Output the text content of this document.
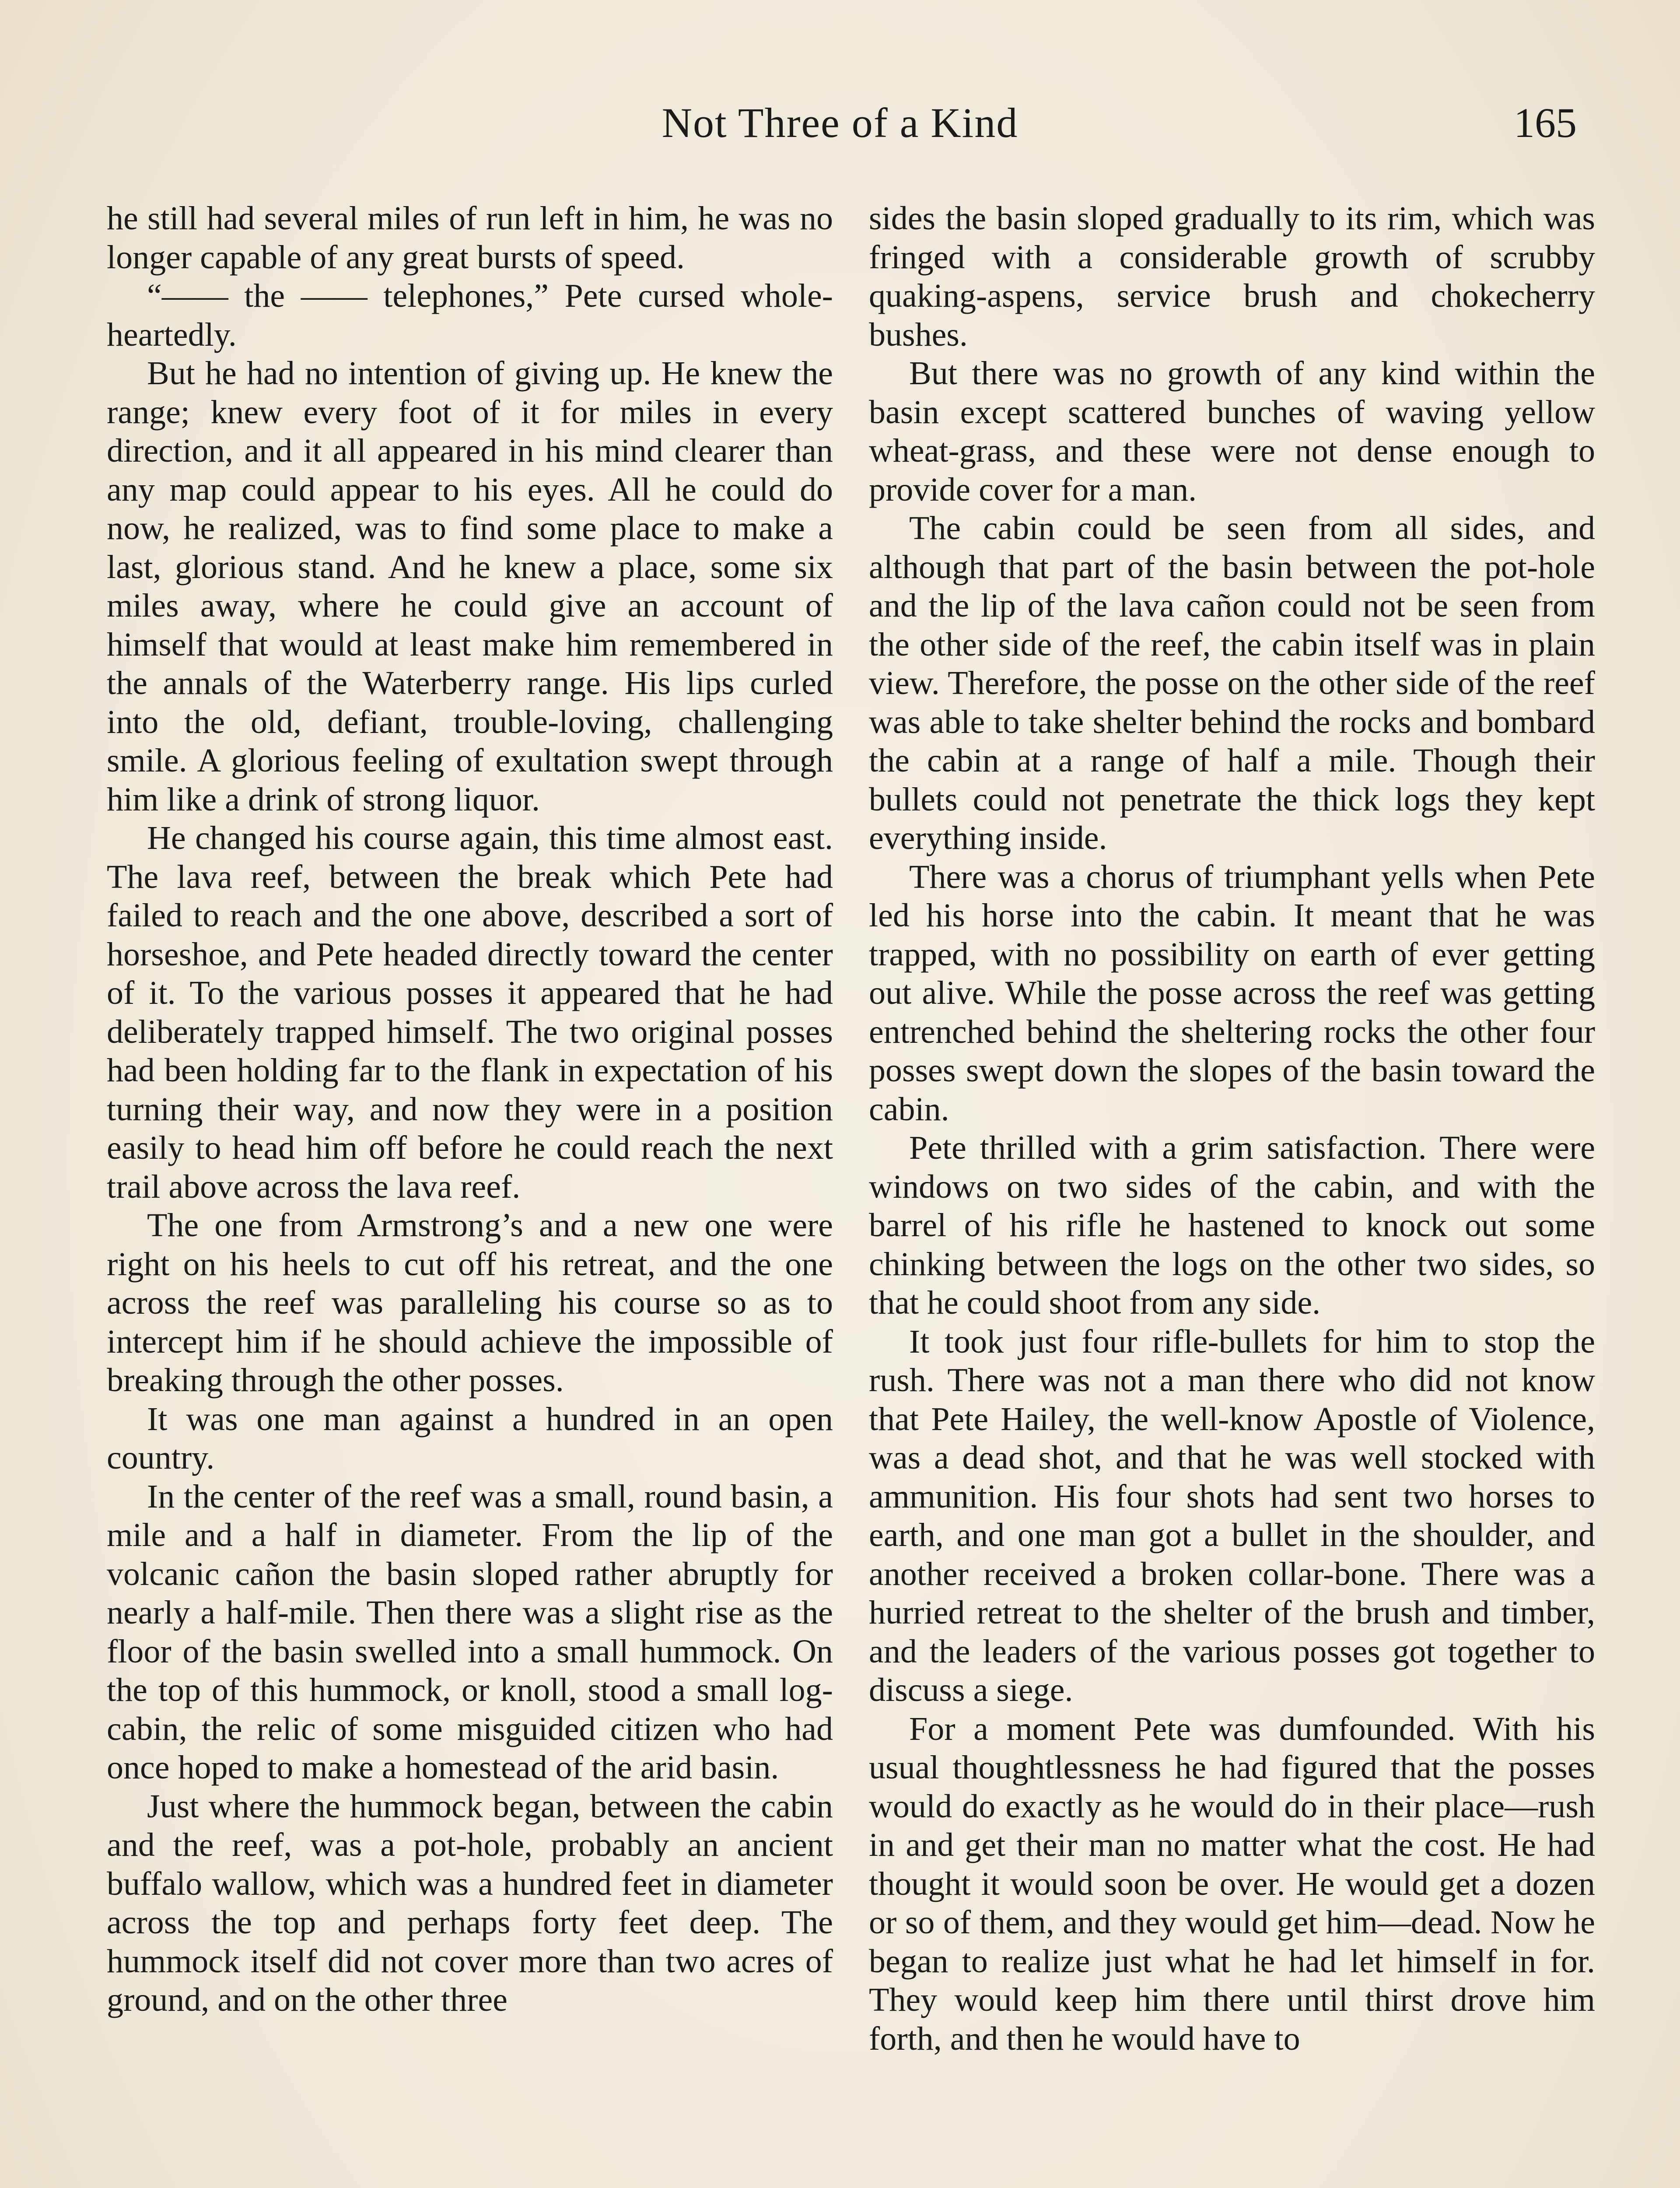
Not Three of a Kind	165

he still had several miles of run left in him, he was no longer capable of any great bursts of speed.

“—— the —— telephones,” Pete cursed whole-heartedly.

But he had no intention of giving up. He knew the range; knew every foot of it for miles in every direction, and it all appeared in his mind clearer than any map could appear to his eyes. All he could do now, he realized, was to find some place to make a last, glorious stand. And he knew a place, some six miles away, where he could give an account of himself that would at least make him remembered in the annals of the Waterberry range. His lips curled into the old, defiant, trouble-loving, challenging smile. A glorious feeling of exultation swept through him like a drink of strong liquor.

He changed his course again, this time almost east. The lava reef, between the break which Pete had failed to reach and the one above, described a sort of horseshoe, and Pete headed directly toward the center of it. To the various posses it appeared that he had deliberately trapped himself. The two original posses had been holding far to the flank in expectation of his turning their way, and now they were in a position easily to head him off before he could reach the next trail above across the lava reef.

The one from Armstrong’s and a new one were right on his heels to cut off his retreat, and the one across the reef was paralleling his course so as to intercept him if he should achieve the impossible of breaking through the other posses.

It was one man against a hundred in an open country.

In the center of the reef was a small, round basin, a mile and a half in diameter. From the lip of the volcanic cañon the basin sloped rather abruptly for nearly a half-mile. Then there was a slight rise as the floor of the basin swelled into a small hummock. On the top of this hummock, or knoll, stood a small log-cabin, the relic of some misguided citizen who had once hoped to make a homestead of the arid basin.

Just where the hummock began, between the cabin and the reef, was a pot-hole, probably an ancient buffalo wallow, which was a hundred feet in diameter across the top and perhaps forty feet deep. The hummock itself did not cover more than two acres of ground, and on the other three

sides the basin sloped gradually to its rim, which was fringed with a considerable growth of scrubby quaking-aspens, service brush and chokecherry bushes.

But there was no growth of any kind within the basin except scattered bunches of waving yellow wheat-grass, and these were not dense enough to provide cover for a man.

The cabin could be seen from all sides, and although that part of the basin between the pot-hole and the lip of the lava cañon could not be seen from the other side of the reef, the cabin itself was in plain view. Therefore, the posse on the other side of the reef was able to take shelter behind the rocks and bombard the cabin at a range of half a mile. Though their bullets could not penetrate the thick logs they kept everything inside.

There was a chorus of triumphant yells when Pete led his horse into the cabin. It meant that he was trapped, with no possibility on earth of ever getting out alive. While the posse across the reef was getting entrenched behind the sheltering rocks the other four posses swept down the slopes of the basin toward the cabin.

Pete thrilled with a grim satisfaction. There were windows on two sides of the cabin, and with the barrel of his rifle he hastened to knock out some chinking between the logs on the other two sides, so that he could shoot from any side.

It took just four rifle-bullets for him to stop the rush. There was not a man there who did not know that Pete Hailey, the well-know Apostle of Violence, was a dead shot, and that he was well stocked with ammunition. His four shots had sent two horses to earth, and one man got a bullet in the shoulder, and another received a broken collar-bone. There was a hurried retreat to the shelter of the brush and timber, and the leaders of the various posses got together to discuss a siege.

For a moment Pete was dumfounded. With his usual thoughtlessness he had figured that the posses would do exactly as he would do in their place—rush in and get their man no matter what the cost. He had thought it would soon be over. He would get a dozen or so of them, and they would get him—dead. Now he began to realize just what he had let himself in for. They would keep him there until thirst drove him forth, and then he would have to
